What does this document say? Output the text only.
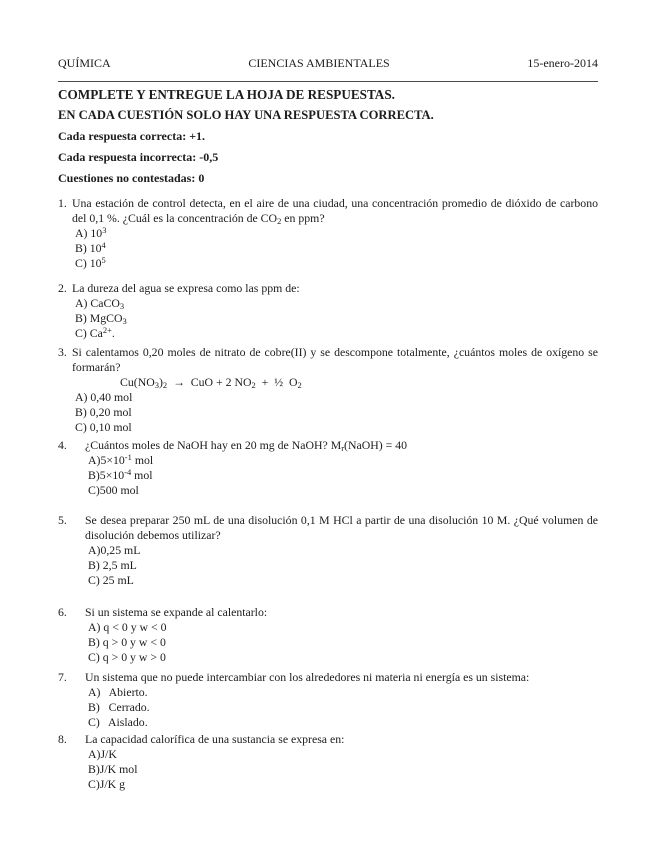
QUÍMICA	CIENCIAS AMBIENTALES	15-enero-2014

COMPLETE Y ENTREGUE LA HOJA DE RESPUESTAS.

EN CADA CUESTIÓN SOLO HAY UNA RESPUESTA CORRECTA.

Cada respuesta correcta: +1.

Cada respuesta incorrecta: -0,5

Cuestiones no contestadas: 0

1. Una estación de control detecta, en el aire de una ciudad, una concentración promedio de dióxido de carbono del 0,1 %. ¿Cuál es la concentración de $CO_2$ en ppm?

A) $10^3$

B) $10^4$

C) $10^5$

2. La dureza del agua se expresa como las ppm de:

A) CaCO$_3$

B) MgCO$_3$

C) $Ca^{2+}$.

3. Si calentamos 0,20 moles de nitrato de cobre(II) y se descompone totalmente, ¿cuántos moles de oxígeno se formarán?

$Cu(NO_3)_2$  →  CuO + 2 $NO_2$  +  ½  $O_2$

A) 0,40 mol

B) 0,20 mol

C) 0,10 mol

4. ¿Cuántos moles de NaOH hay en 20 mg de NaOH? $M_r(NaOH) = 40$

$A)5\times 10^{-1}$ mol

$B)5\times 10^{-4}$ mol

C)500 mol

5. Se desea preparar 250 mL de una disolución 0,1 M HCl a partir de una disolución 10 M. ¿Qué volumen de disolución debemos utilizar?

A)0,25 mL

B) 2,5 mL

C) 25 mL

6. Si un sistema se expande al calentarlo:

A) q < 0 y w < 0

B) q > 0 y w < 0

C) q > 0 y w > 0

7. Un sistema que no puede intercambiar con los alrededores ni materia ni energía es un sistema:

A)   Abierto.

B)   Cerrado.

C)   Aislado.

8. La capacidad calorífica de una sustancia se expresa en:

A)J/K

B)J/K mol

C)J/K g
